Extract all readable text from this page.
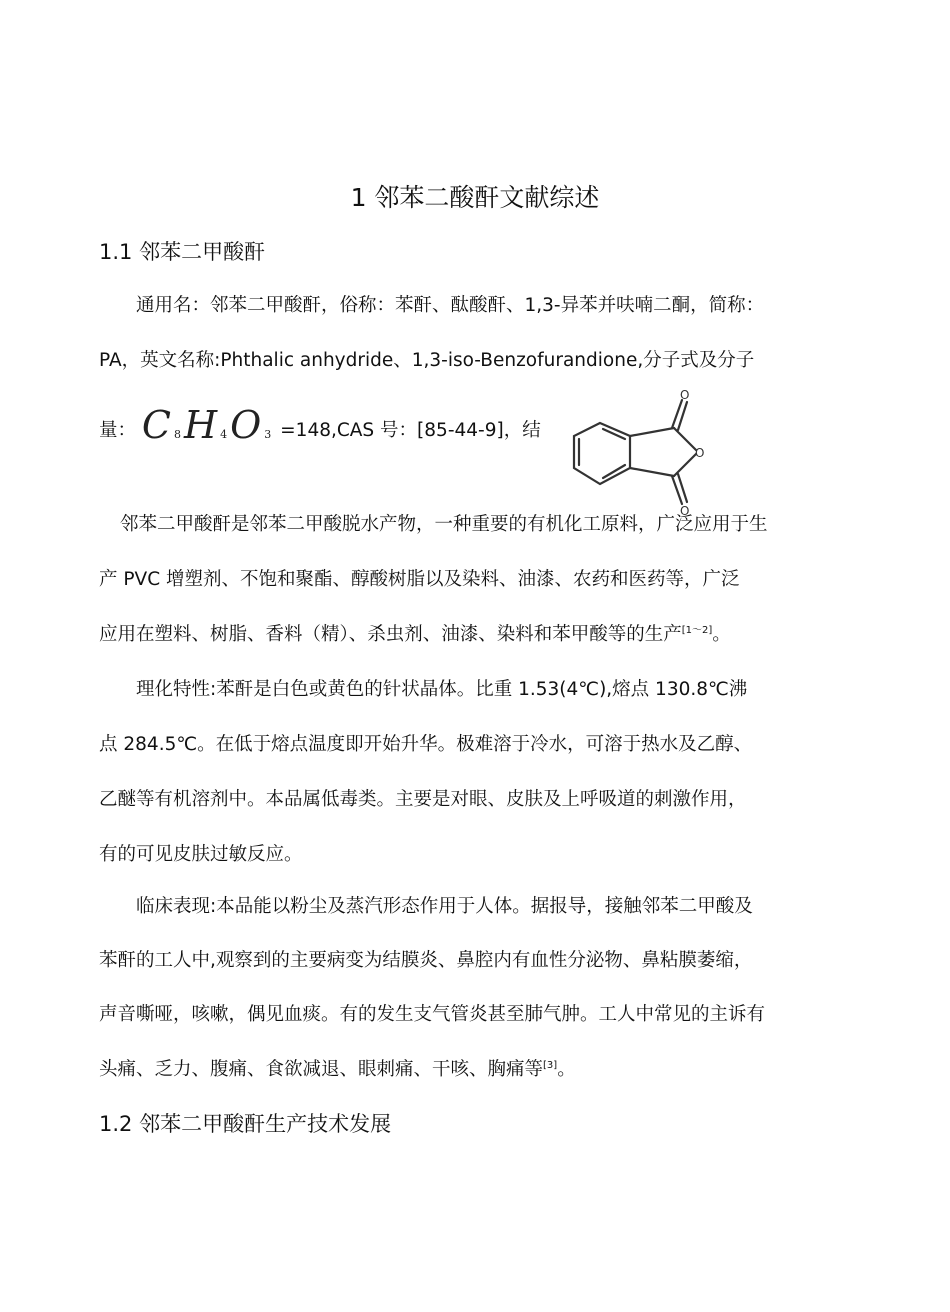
1 邻苯二酸酐文献综述
1.1 邻苯二甲酸酐
通用名：邻苯二甲酸酐，俗称：苯酐、酞酸酐、1,3-异苯并呋喃二酮，简称：
PA，英文名称:Phthalic anhydride、1,3-iso-Benzofurandione,分子式及分子
量： C 8H 4O 3 =148,CAS 号：[85-44-9]，结
O
O
O
邻苯二甲酸酐是邻苯二甲酸脱水产物，一种重要的有机化工原料，广泛应用于生
产 PVC 增塑剂、不饱和聚酯、醇酸树脂以及染料、油漆、农药和医药等，广泛
应用在塑料、树脂、香料（精）、杀虫剂、油漆、染料和苯甲酸等的生产[1～2]。
理化特性:苯酐是白色或黄色的针状晶体。比重 1.53(4℃),熔点 130.8℃沸
点 284.5℃。在低于熔点温度即开始升华。极难溶于冷水，可溶于热水及乙醇、
乙醚等有机溶剂中。本品属低毒类。主要是对眼、皮肤及上呼吸道的刺激作用，
有的可见皮肤过敏反应。
临床表现:本品能以粉尘及蒸汽形态作用于人体。据报导，接触邻苯二甲酸及
苯酐的工人中,观察到的主要病变为结膜炎、鼻腔内有血性分泌物、鼻粘膜萎缩，
声音嘶哑，咳嗽，偶见血痰。有的发生支气管炎甚至肺气肿。工人中常见的主诉有
头痛、乏力、腹痛、食欲减退、眼刺痛、干咳、胸痛等[3]。
1.2 邻苯二甲酸酐生产技术发展
